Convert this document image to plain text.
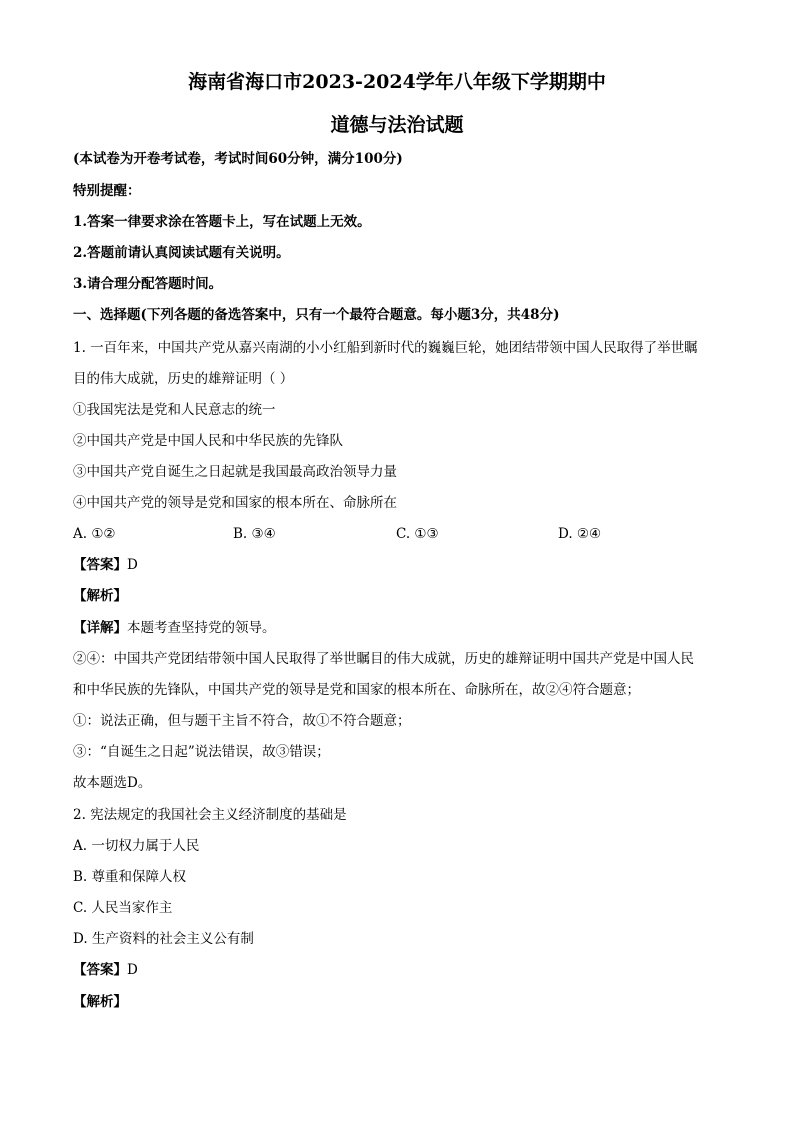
海南省海口市2023-2024学年八年级下学期期中
道德与法治试题
(本试卷为开卷考试卷，考试时间60分钟，满分100分)
特别提醒：
1.答案一律要求涂在答题卡上，写在试题上无效。
2.答题前请认真阅读试题有关说明。
3.请合理分配答题时间。
一、选择题(下列各题的备选答案中，只有一个最符合题意。每小题3分，共48分)
1. 一百年来，中国共产党从嘉兴南湖的小小红船到新时代的巍巍巨轮，她团结带领中国人民取得了举世瞩
目的伟大成就，历史的雄辩证明（ ）
①我国宪法是党和人民意志的统一
②中国共产党是中国人民和中华民族的先锋队
③中国共产党自诞生之日起就是我国最高政治领导力量
④中国共产党的领导是党和国家的根本所在、命脉所在
A. ①②	B. ③④	C. ①③	D. ②④
【答案】D
【解析】
【详解】本题考查坚持党的领导。
②④：中国共产党团结带领中国人民取得了举世瞩目的伟大成就，历史的雄辩证明中国共产党是中国人民
和中华民族的先锋队，中国共产党的领导是党和国家的根本所在、命脉所在，故②④符合题意；
①：说法正确，但与题干主旨不符合，故①不符合题意；
③：“自诞生之日起”说法错误，故③错误；
故本题选D。
2. 宪法规定的我国社会主义经济制度的基础是
A. 一切权力属于人民
B. 尊重和保障人权
C. 人民当家作主
D. 生产资料的社会主义公有制
【答案】D
【解析】
